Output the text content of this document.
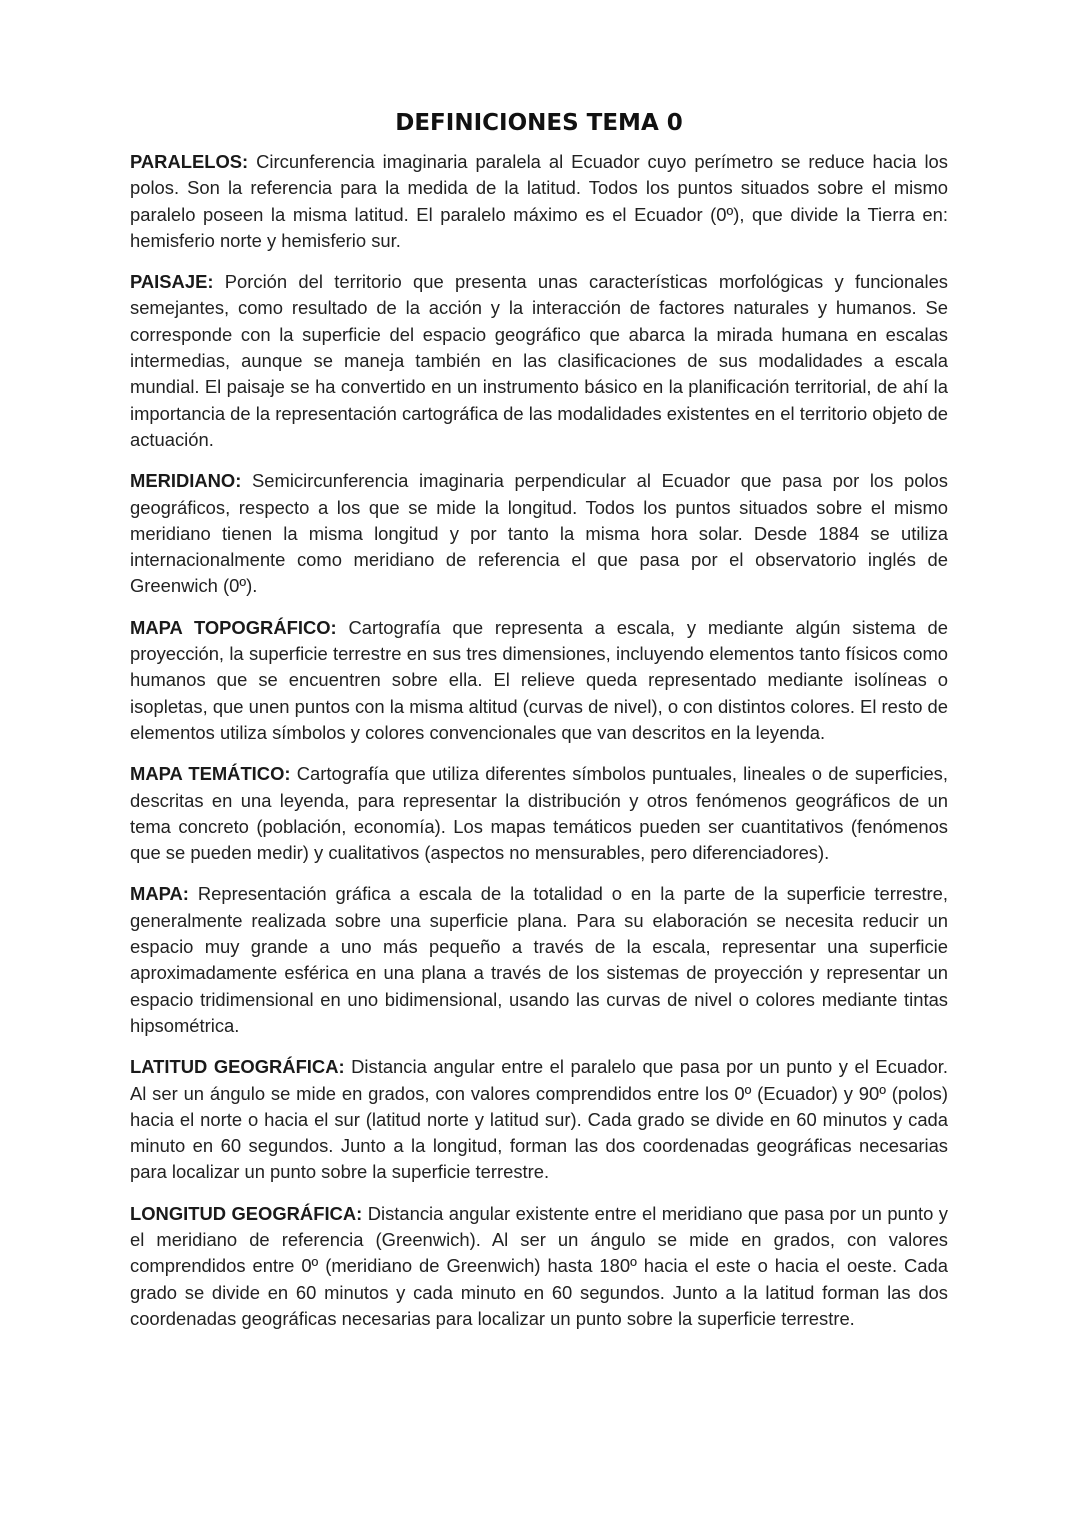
DEFINICIONES TEMA 0

PARALELOS: Circunferencia imaginaria paralela al Ecuador cuyo perímetro se reduce hacia los polos. Son la referencia para la medida de la latitud. Todos los puntos situados sobre el mismo paralelo poseen la misma latitud. El paralelo máximo es el Ecuador (0º), que divide la Tierra en: hemisferio norte y hemisferio sur.

PAISAJE: Porción del territorio que presenta unas características morfológicas y funcionales semejantes, como resultado de la acción y la interacción de factores naturales y humanos. Se corresponde con la superficie del espacio geográfico que abarca la mirada humana en escalas intermedias, aunque se maneja también en las clasificaciones de sus modalidades a escala mundial. El paisaje se ha convertido en un instrumento básico en la planificación territorial, de ahí la importancia de la representación cartográfica de las modalidades existentes en el territorio objeto de actuación.

MERIDIANO: Semicircunferencia imaginaria perpendicular al Ecuador que pasa por los polos geográficos, respecto a los que se mide la longitud. Todos los puntos situados sobre el mismo meridiano tienen la misma longitud y por tanto la misma hora solar. Desde 1884 se utiliza internacionalmente como meridiano de referencia el que pasa por el observatorio inglés de Greenwich (0º).

MAPA TOPOGRÁFICO: Cartografía que representa a escala, y mediante algún sistema de proyección, la superficie terrestre en sus tres dimensiones, incluyendo elementos tanto físicos como humanos que se encuentren sobre ella. El relieve queda representado mediante isolíneas o isopletas, que unen puntos con la misma altitud (curvas de nivel), o con distintos colores. El resto de elementos utiliza símbolos y colores convencionales que van descritos en la leyenda.

MAPA TEMÁTICO: Cartografía que utiliza diferentes símbolos puntuales, lineales o de superficies, descritas en una leyenda, para representar la distribución y otros fenómenos geográficos de un tema concreto (población, economía). Los mapas temáticos pueden ser cuantitativos (fenómenos que se pueden medir) y cualitativos (aspectos no mensurables, pero diferenciadores).

MAPA: Representación gráfica a escala de la totalidad o en la parte de la superficie terrestre, generalmente realizada sobre una superficie plana. Para su elaboración se necesita reducir un espacio muy grande a uno más pequeño a través de la escala, representar una superficie aproximadamente esférica en una plana a través de los sistemas de proyección y representar un espacio tridimensional en uno bidimensional, usando las curvas de nivel o colores mediante tintas hipsométrica.

LATITUD GEOGRÁFICA: Distancia angular entre el paralelo que pasa por un punto y el Ecuador. Al ser un ángulo se mide en grados, con valores comprendidos entre los 0º (Ecuador) y 90º (polos) hacia el norte o hacia el sur (latitud norte y latitud sur). Cada grado se divide en 60 minutos y cada minuto en 60 segundos. Junto a la longitud, forman las dos coordenadas geográficas necesarias para localizar un punto sobre la superficie terrestre.

LONGITUD GEOGRÁFICA: Distancia angular existente entre el meridiano que pasa por un punto y el meridiano de referencia (Greenwich). Al ser un ángulo se mide en grados, con valores comprendidos entre 0º (meridiano de Greenwich) hasta 180º hacia el este o hacia el oeste. Cada grado se divide en 60 minutos y cada minuto en 60 segundos. Junto a la latitud forman las dos coordenadas geográficas necesarias para localizar un punto sobre la superficie terrestre.
